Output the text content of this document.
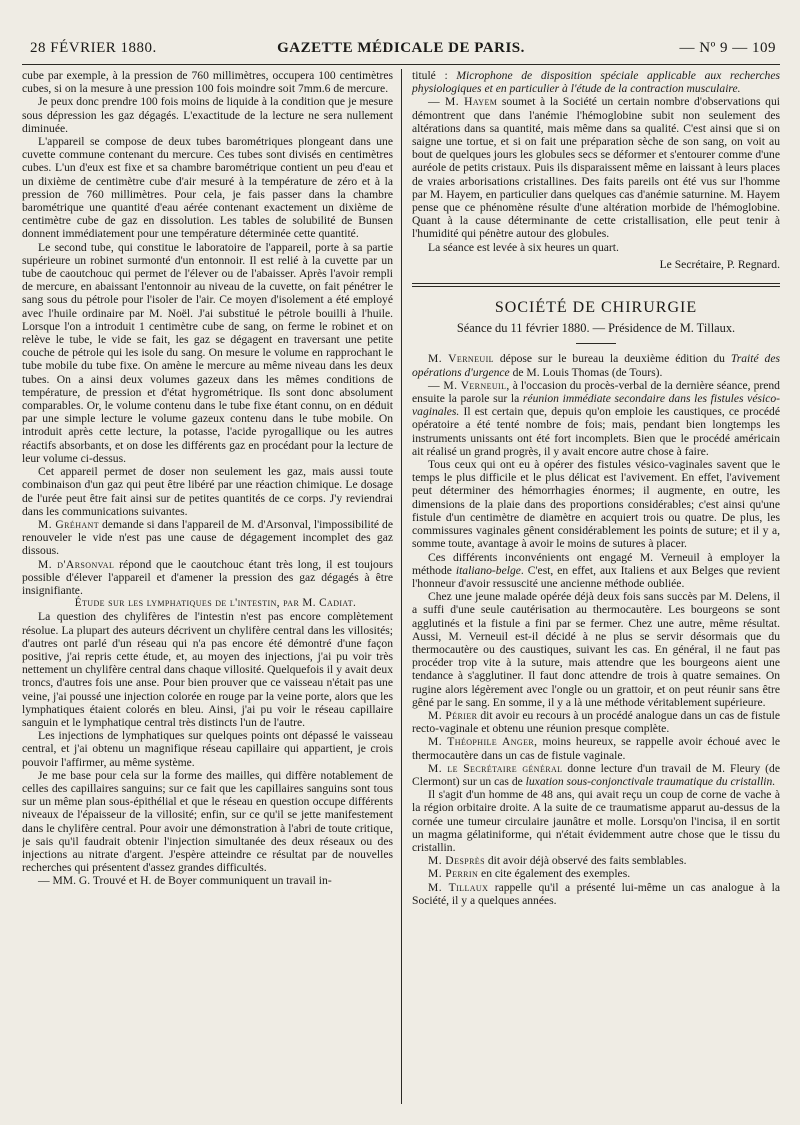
28 FÉVRIER 1880.	GAZETTE MÉDICALE DE PARIS.	— Nº 9 — 109

cube par exemple, à la pression de 760 millimètres, occupera 100 centimètres cubes, si on la mesure à une pression 100 fois moindre soit 7mm.6 de mercure.

Je peux donc prendre 100 fois moins de liquide à la condition que je mesure sous dépression les gaz dégagés. L'exactitude de la lecture ne sera nullement diminuée.

L'appareil se compose de deux tubes barométriques plongeant dans une cuvette commune contenant du mercure. Ces tubes sont divisés en centimètres cubes. L'un d'eux est fixe et sa chambre barométrique contient un peu d'eau et un dixième de centimètre cube d'air mesuré à la température de zéro et à la pression de 760 millimètres. Pour cela, je fais passer dans la chambre barométrique une quantité d'eau aérée contenant exactement un dixième de centimètre cube de gaz en dissolution. Les tables de solubilité de Bunsen donnent immédiatement pour une température déterminée cette quantité.

Le second tube, qui constitue le laboratoire de l'appareil, porte à sa partie supérieure un robinet surmonté d'un entonnoir. Il est relié à la cuvette par un tube de caoutchouc qui permet de l'élever ou de l'abaisser. Après l'avoir rempli de mercure, en abaissant l'entonnoir au niveau de la cuvette, on fait pénétrer le sang sous du pétrole pour l'isoler de l'air. Ce moyen d'isolement a été employé avec l'huile ordinaire par M. Noël. J'ai substitué le pétrole bouilli à l'huile. Lorsque l'on a introduit 1 centimètre cube de sang, on ferme le robinet et on relève le tube, le vide se fait, les gaz se dégagent en traversant une petite couche de pétrole qui les isole du sang. On mesure le volume en rapprochant le tube mobile du tube fixe. On amène le mercure au même niveau dans les deux tubes. On a ainsi deux volumes gazeux dans les mêmes conditions de température, de pression et d'état hygrométrique. Ils sont donc absolument comparables. Or, le volume contenu dans le tube fixe étant connu, on en déduit par une simple lecture le volume gazeux contenu dans le tube mobile. On introduit après cette lecture, la potasse, l'acide pyrogallique ou les autres réactifs absorbants, et on dose les différents gaz en procédant pour la lecture de leur volume ci-dessus.

Cet appareil permet de doser non seulement les gaz, mais aussi toute combinaison d'un gaz qui peut être libéré par une réaction chimique. Le dosage de l'urée peut être fait ainsi sur de petites quantités de ce corps. J'y reviendrai dans les communications suivantes.

M. Gréhant demande si dans l'appareil de M. d'Arsonval, l'impossibilité de renouveler le vide n'est pas une cause de dégagement incomplet des gaz dissous.

M. d'Arsonval répond que le caoutchouc étant très long, il est toujours possible d'élever l'appareil et d'amener la pression des gaz dégagés à être insignifiante.

Étude sur les lymphatiques de l'intestin, par M. Cadiat.

La question des chylifères de l'intestin n'est pas encore complètement résolue. La plupart des auteurs décrivent un chylifère central dans les villosités; d'autres ont parlé d'un réseau qui n'a pas encore été démontré d'une façon positive, j'ai repris cette étude, et, au moyen des injections, j'ai pu voir très nettement un chylifère central dans chaque villosité. Quelquefois il y avait deux troncs, d'autres fois une anse. Pour bien prouver que ce vaisseau n'était pas une veine, j'ai poussé une injection colorée en rouge par la veine porte, alors que les lymphatiques étaient colorés en bleu. Ainsi, j'ai pu voir le réseau capillaire sanguin et le lymphatique central très distincts l'un de l'autre.

Les injections de lymphatiques sur quelques points ont dépassé le vaisseau central, et j'ai obtenu un magnifique réseau capillaire qui appartient, je crois pouvoir l'affirmer, au même système.

Je me base pour cela sur la forme des mailles, qui diffère notablement de celles des capillaires sanguins; sur ce fait que les capillaires sanguins sont tous sur un même plan sous-épithélial et que le réseau en question occupe différents niveaux de l'épaisseur de la villosité; enfin, sur ce qu'il se jette manifestement dans le chylifère central. Pour avoir une démonstration à l'abri de toute critique, je sais qu'il faudrait obtenir l'injection simultanée des deux réseaux ou des injections au nitrate d'argent. J'espère atteindre ce résultat par de nouvelles recherches qui présentent d'assez grandes difficultés.

— MM. G. Trouvé et H. de Boyer communiquent un travail in-

titulé : Microphone de disposition spéciale applicable aux recherches physiologiques et en particulier à l'étude de la contraction musculaire.

— M. Hayem soumet à la Société un certain nombre d'observations qui démontrent que dans l'anémie l'hémoglobine subit non seulement des altérations dans sa quantité, mais même dans sa qualité. C'est ainsi que si on saigne une tortue, et si on fait une préparation sèche de son sang, on voit au bout de quelques jours les globules secs se déformer et s'entourer comme d'une auréole de petits cristaux. Puis ils disparaissent même en laissant à leurs places de vraies arborisations cristallines. Des faits pareils ont été vus sur l'homme par M. Hayem, en particulier dans quelques cas d'anémie saturnine. M. Hayem pense que ce phénomène résulte d'une altération morbide de l'hémoglobine. Quant à la cause déterminante de cette cristallisation, elle peut tenir à l'humidité qui pénètre autour des globules.

La séance est levée à six heures un quart.

Le Secrétaire, P. Regnard.

SOCIÉTÉ DE CHIRURGIE
Séance du 11 février 1880. — Présidence de M. Tillaux.

M. Verneuil dépose sur le bureau la deuxième édition du Traité des opérations d'urgence de M. Louis Thomas (de Tours).

— M. Verneuil, à l'occasion du procès-verbal de la dernière séance, prend ensuite la parole sur la réunion immédiate secondaire dans les fistules vésico-vaginales. Il est certain que, depuis qu'on emploie les caustiques, ce procédé opératoire a été tenté nombre de fois; mais, pendant bien longtemps les instruments unissants ont été fort incomplets. Bien que le procédé américain ait réalisé un grand progrès, il y avait encore autre chose à faire.

Tous ceux qui ont eu à opérer des fistules vésico-vaginales savent que le temps le plus difficile et le plus délicat est l'avivement. En effet, l'avivement peut déterminer des hémorrhagies énormes; il augmente, en outre, les dimensions de la plaie dans des proportions considérables; c'est ainsi qu'une fistule d'un centimètre de diamètre en acquiert trois ou quatre. De plus, les commissures vaginales gênent considérablement les points de suture; et il y a, somme toute, avantage à avoir le moins de sutures à placer.

Ces différents inconvénients ont engagé M. Verneuil à employer la méthode italiano-belge. C'est, en effet, aux Italiens et aux Belges que revient l'honneur d'avoir ressuscité une ancienne méthode oubliée.

Chez une jeune malade opérée déjà deux fois sans succès par M. Delens, il a suffi d'une seule cautérisation au thermocautère. Les bourgeons se sont agglutinés et la fistule a fini par se fermer. Chez une autre, même résultat. Aussi, M. Verneuil est-il décidé à ne plus se servir désormais que du thermocautère ou des caustiques, suivant les cas. En général, il ne faut pas procéder trop vite à la suture, mais attendre que les bourgeons aient une tendance à s'agglutiner. Il faut donc attendre de trois à quatre semaines. On rugine alors légèrement avec l'ongle ou un grattoir, et on peut réunir sans être gêné par le sang. En somme, il y a là une méthode véritablement supérieure.

M. Périer dit avoir eu recours à un procédé analogue dans un cas de fistule recto-vaginale et obtenu une réunion presque complète.

M. Théophile Anger, moins heureux, se rappelle avoir échoué avec le thermocautère dans un cas de fistule vaginale.

M. le Secrétaire général donne lecture d'un travail de M. Fleury (de Clermont) sur un cas de luxation sous-conjonctivale traumatique du cristallin.

Il s'agit d'un homme de 48 ans, qui avait reçu un coup de corne de vache à la région orbitaire droite. A la suite de ce traumatisme apparut au-dessus de la cornée une tumeur circulaire jaunâtre et molle. Lorsqu'on l'incisa, il en sortit un magma gélatiniforme, qui n'était évidemment autre chose que le tissu du cristallin.

M. Desprès dit avoir déjà observé des faits semblables.

M. Perrin en cite également des exemples.

M. Tillaux rappelle qu'il a présenté lui-même un cas analogue à la Société, il y a quelques années.
